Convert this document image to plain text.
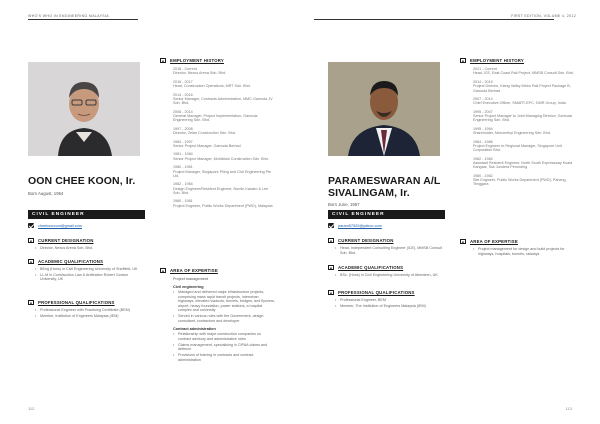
WHO'S WHO IN ENGINEERING MALAYSIA
OON CHEE KOON, Ir.
Born August, 1954
CIVIL ENGINEER
cheekoonoon@gmail.com
■	CURRENT DESIGNATION
• Director, Nexus Arena Sdn. Bhd.
■	ACADEMIC QUALIFICATIONS
• BEng (Hons) in Civil Engineering University of Sheffield, UK
• LL.M in Construction Law & Arbitration Robert Gordon University, UK
■	PROFESSIONAL QUALIFICATIONS
• Professional Engineer with Practising Certificate (BEM)
• Member, Institution of Engineers Malaysia (IEM)
■	EMPLOYMENT HISTORY
2018 - Current
Director, Nexus Arena Sdn. Bhd.
2016 - 2017
Head, Construction Operations, MRT Sdn. Bhd.
2014 - 2016
Senior Manager, Contracts Administration, MMC-Gamuda JV Sdn. Bhd.
2008 - 2014
General Manager, Project Implementation, Gamuda Engineering Sdn. Bhd.
1997 - 2008
Director, Zelan Construction Sdn. Bhd.
1984 - 1997
Senior Project Manager, Gamuda Berhad
1981 - 1984
Senior Project Manager, Muhibbah Construction Sdn. Bhd.
1980 - 1981
Project Manager, Singapore Piling and Civil Engineering Pte Ltd.
1982 - 1984
Design Engineer/Resident Engineer, Nordin Kassim & Lee Sdn. Bhd.
1980 - 1981
Project Engineer, Public Works Department (PWD), Malaysia
■	AREA OF EXPERTISE
Project management
Civil engineering
• Managed and delivered major infrastructure projects, comprising mass rapid transit projects, interurban highways, elevated viaducts, tunnels, bridges, and flyovers, airport, heavy foundation, power stations, a hospital complex and university
• Served in various roles with the Government, design consultant, contractors and developer
Contract administration
• Relationship with major construction companies on contract advisory and administrative roles
• Claims management, specialising in CIPAA claims and defence
• Provisions of training in contracts and contract administration
112
FIRST EDITION, VOLUME 4, 2012
PARAMESWARAN A/L
SIVALINGAM, Ir.
Born June, 1957
CIVIL ENGINEER
param57520@yahoo.com
■	CURRENT DESIGNATION
• Head, Independent Consulting Engineer (ICE), MMSB Consult Sdn. Bhd.
■	ACADEMIC QUALIFICATIONS
• BSc. (Hons) in Civil Engineering University of Aberdeen, UK
■	PROFESSIONAL QUALIFICATIONS
• Professional Engineer, BEM
• Member, The Institution of Engineers Malaysia (IEM)
■	EMPLOYMENT HISTORY
2021 - Current
Head, ICE, East Coast Rail Project, MMSB Consult Sdn. Bhd.
2014 - 2019
Project Director, Klang Valley Metro Rail Project Package B, Gamuda Berhad
2007 - 2014
Chief Executive Officer, SMART-EPC, GMR Group, India
1995 - 2007
Senior Project Manager to Joint Managing Director, Gamuda Engineering Sdn. Bhd.
1995 - 1994
Shareholder, Mercenthyl Engineering Sdn. Bhd.
1984 - 1986
Project Engineer to Regional Manager, Singapore Unit Corporation Bhd.
1982 - 1984
Assistant Resident Engineer, North South Expressway Kuala Kangsar, Ssk Jurutera Perunding
1980 - 1982
Site Engineer, Public Works Department (PWD), Pahang, Tenggara
■	AREA OF EXPERTISE
• Project management for design and build projects for highways, hospitals, tunnels, railways
113
